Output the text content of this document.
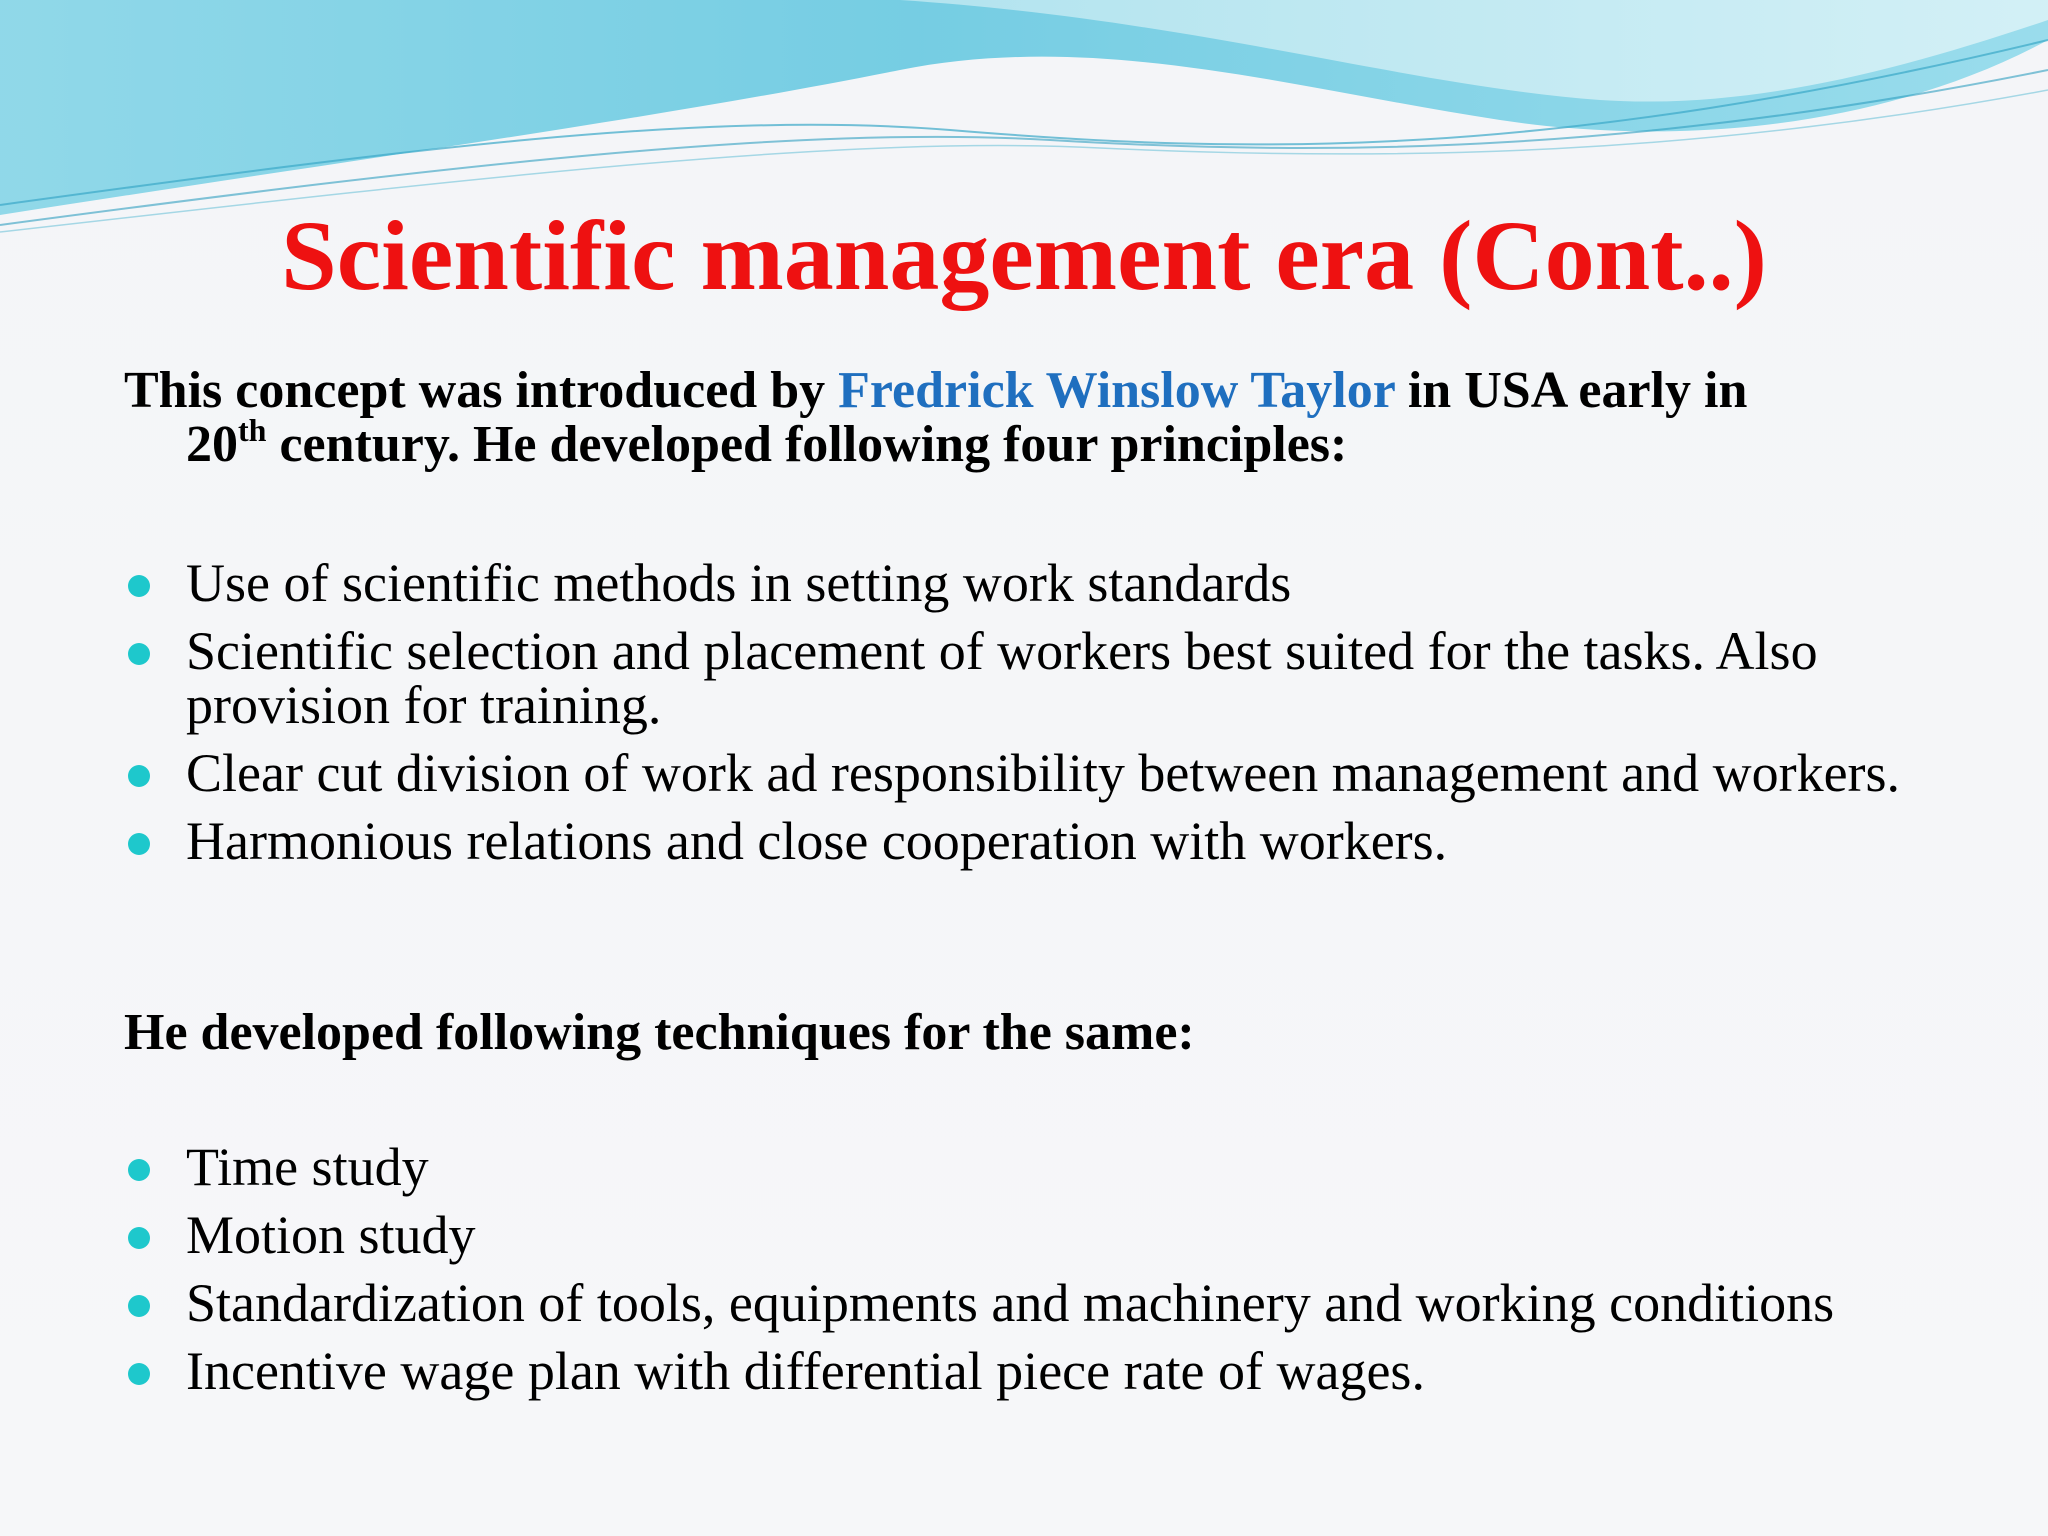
Scientific management era (Cont..)
This concept was introduced by Fredrick Winslow Taylor in USA early in
20th century. He developed following four principles:
Use of scientific methods in setting work standards
Scientific selection and placement of workers best suited for the tasks. Also provision for training.
Clear cut division of work ad responsibility between management and workers.
Harmonious relations and close cooperation with workers.
He developed following techniques for the same:
Time study
Motion study
Standardization of tools, equipments and machinery and working conditions
Incentive wage plan with differential piece rate of wages.
